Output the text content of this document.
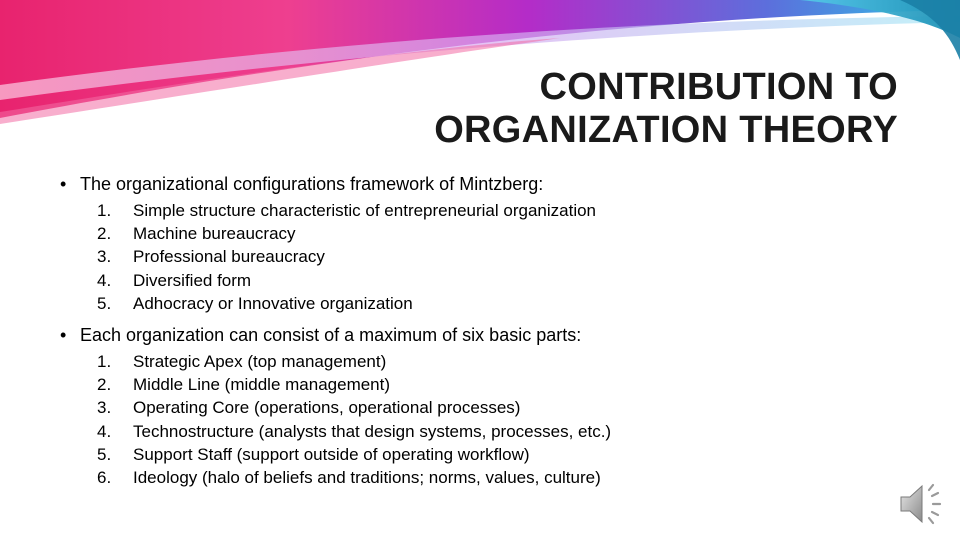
CONTRIBUTION TO
ORGANIZATION THEORY
• The organizational configurations framework of Mintzberg:
1.	Simple structure characteristic of entrepreneurial organization
2.	Machine bureaucracy
3.	Professional bureaucracy
4.	Diversified form
5.	Adhocracy or Innovative organization
• Each organization can consist of a maximum of six basic parts:
1.	Strategic Apex (top management)
2.	Middle Line (middle management)
3.	Operating Core (operations, operational processes)
4.	Technostructure (analysts that design systems, processes, etc.)
5.	Support Staff (support outside of operating workflow)
6.	Ideology (halo of beliefs and traditions; norms, values, culture)
